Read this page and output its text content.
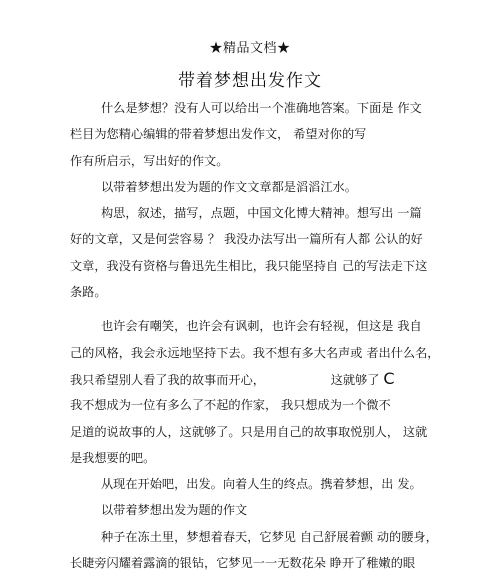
★精品文档★
带着梦想出发作文
什么是梦想？没有人可以给出一个准确地答案。下面是 作文
栏目为您精心编辑的带着梦想出发作文， 希望对你的写
作有所启示，写出好的作文。
以带着梦想出发为题的作文文章都是滔滔江水。
构思，叙述，描写，点题，中国文化博大精神。想写出 一篇
好的文章，又是何尝容易 ？ 我没办法写出一篇所有人都 公认的好
文章，我没有资格与鲁迅先生相比，我只能坚持自 己的写法走下这
条路。
也许会有嘲笑，也许会有讽刺，也许会有轻视，但这是 我自
己的风格，我会永远地坚持下去。我不想有多大名声或 者出什么名，
我只希望别人看了我的故事而开心，	这就够了 C
我不想成为一位有多么了不起的作家， 我只想成为一个微不
足道的说故事的人，这就够了。只是用自己的故事取悦别人， 这就
是我想要的吧。
从现在开始吧，出发。向着人生的终点。携着梦想，出 发。
以带着梦想出发为题的作文
种子在冻土里，梦想着春天，它梦见 自己舒展着颤 动的腰身，
长睫旁闪耀着露滴的银钻，它梦见一一无数花朵 睁开了稚嫩的眼
